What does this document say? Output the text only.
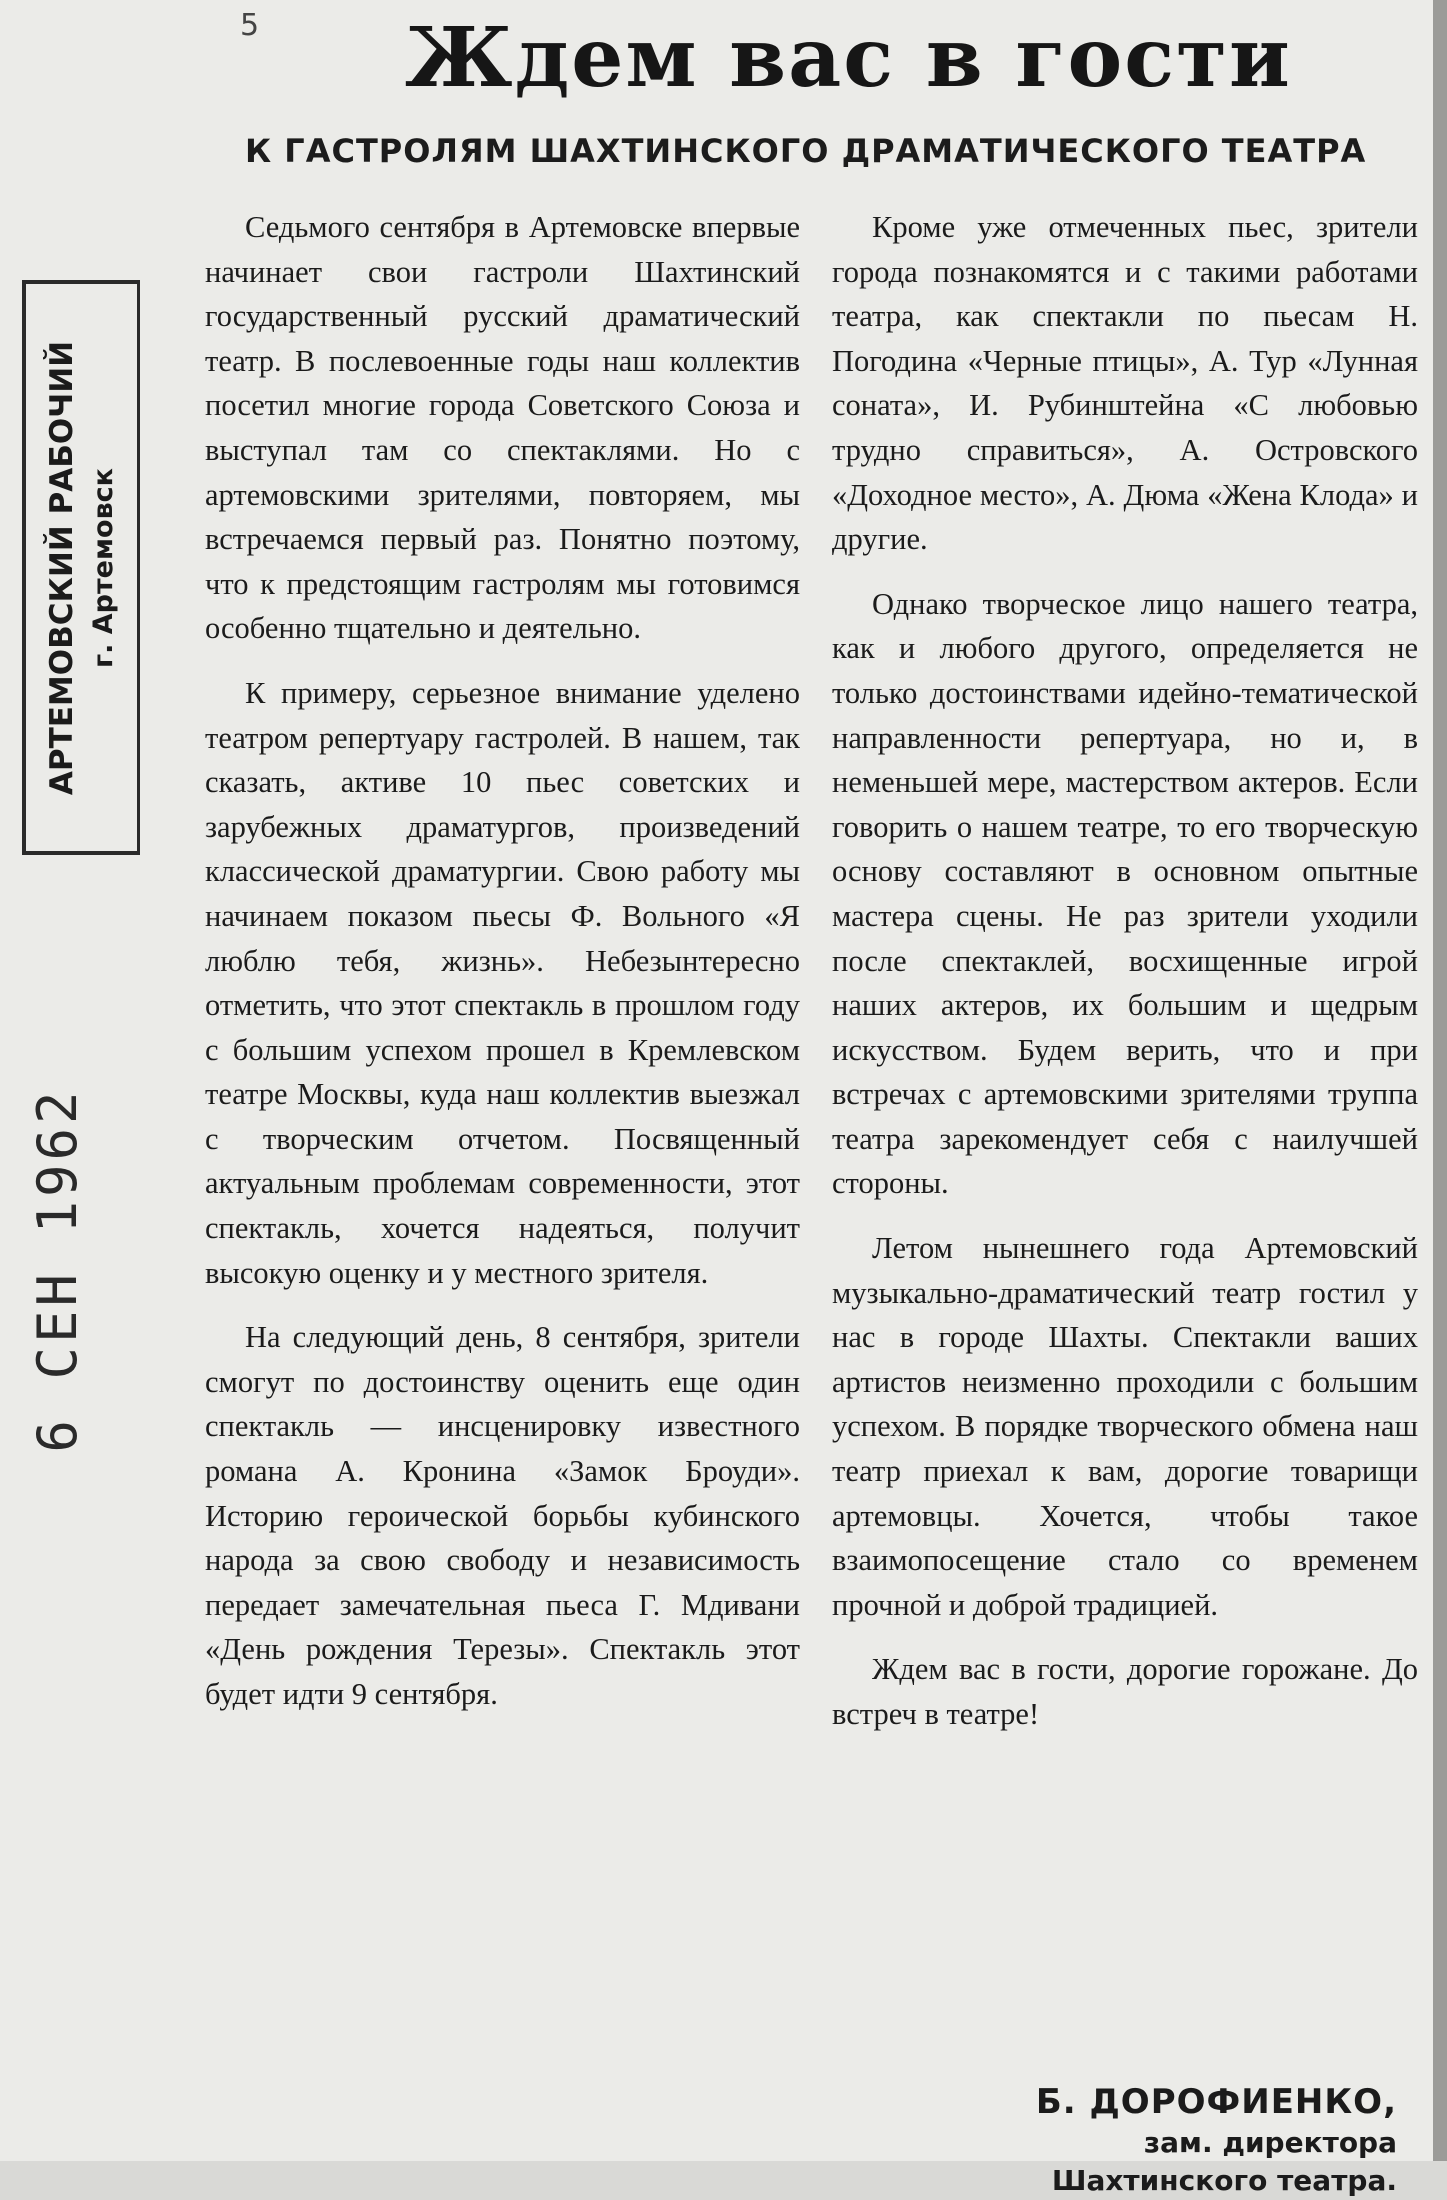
5 Ждем вас в гости
К ГАСТРОЛЯМ ШАХТИНСКОГО ДРАМАТИЧЕСКОГО ТЕАТРА
АРТЕМОВСКИЙ РАБОЧИЙ г. Артемовск
6 СЕН 1962

Седьмого сентября в Артемовске впервые начинает свои гастроли Шахтинский государственный русский драматический театр. В послевоенные годы наш коллектив посетил многие города Советского Союза и выступал там со спектаклями. Но с артемовскими зрителями, повторяем, мы встречаемся первый раз. Понятно поэтому, что к предстоящим гастролям мы готовимся особенно тщательно и деятельно.

К примеру, серьезное внимание уделено театром репертуару гастролей. В нашем, так сказать, активе 10 пьес советских и зарубежных драматургов, произведений классической драматургии. Свою работу мы начинаем показом пьесы Ф. Вольного «Я люблю тебя, жизнь». Небезынтересно отметить, что этот спектакль в прошлом году с большим успехом прошел в Кремлевском театре Москвы, куда наш коллектив выезжал с творческим отчетом. Посвященный актуальным проблемам современности, этот спектакль, хочется надеяться, получит высокую оценку и у местного зрителя.

На следующий день, 8 сентября, зрители смогут по достоинству оценить еще один спектакль — инсценировку известного романа А. Кронина «Замок Броуди». Историю героической борьбы кубинского народа за свою свободу и независимость передает замечательная пьеса Г. Мдивани «День рождения Терезы». Спектакль этот будет идти 9 сентября.

Кроме уже отмеченных пьес, зрители города познакомятся и с такими работами театра, как спектакли по пьесам Н. Погодина «Черные птицы», А. Тур «Лунная соната», И. Рубинштейна «С любовью трудно справиться», А. Островского «Доходное место», А. Дюма «Жена Клода» и другие.

Однако творческое лицо нашего театра, как и любого другого, определяется не только достоинствами идейно-тематической направленности репертуара, но и, в неменьшей мере, мастерством актеров. Если говорить о нашем театре, то его творческую основу составляют в основном опытные мастера сцены. Не раз зрители уходили после спектаклей, восхищенные игрой наших актеров, их большим и щедрым искусством. Будем верить, что и при встречах с артемовскими зрителями труппа театра зарекомендует себя с наилучшей стороны.

Летом нынешнего года Артемовский музыкально-драматический театр гостил у нас в городе Шахты. Спектакли ваших артистов неизменно проходили с большим успехом. В порядке творческого обмена наш театр приехал к вам, дорогие товарищи артемовцы. Хочется, чтобы такое взаимопосещение стало со временем прочной и доброй традицией.

Ждем вас в гости, дорогие горожане. До встреч в театре!

Б. ДОРОФИЕНКО,
зам. директора
Шахтинского театра.
